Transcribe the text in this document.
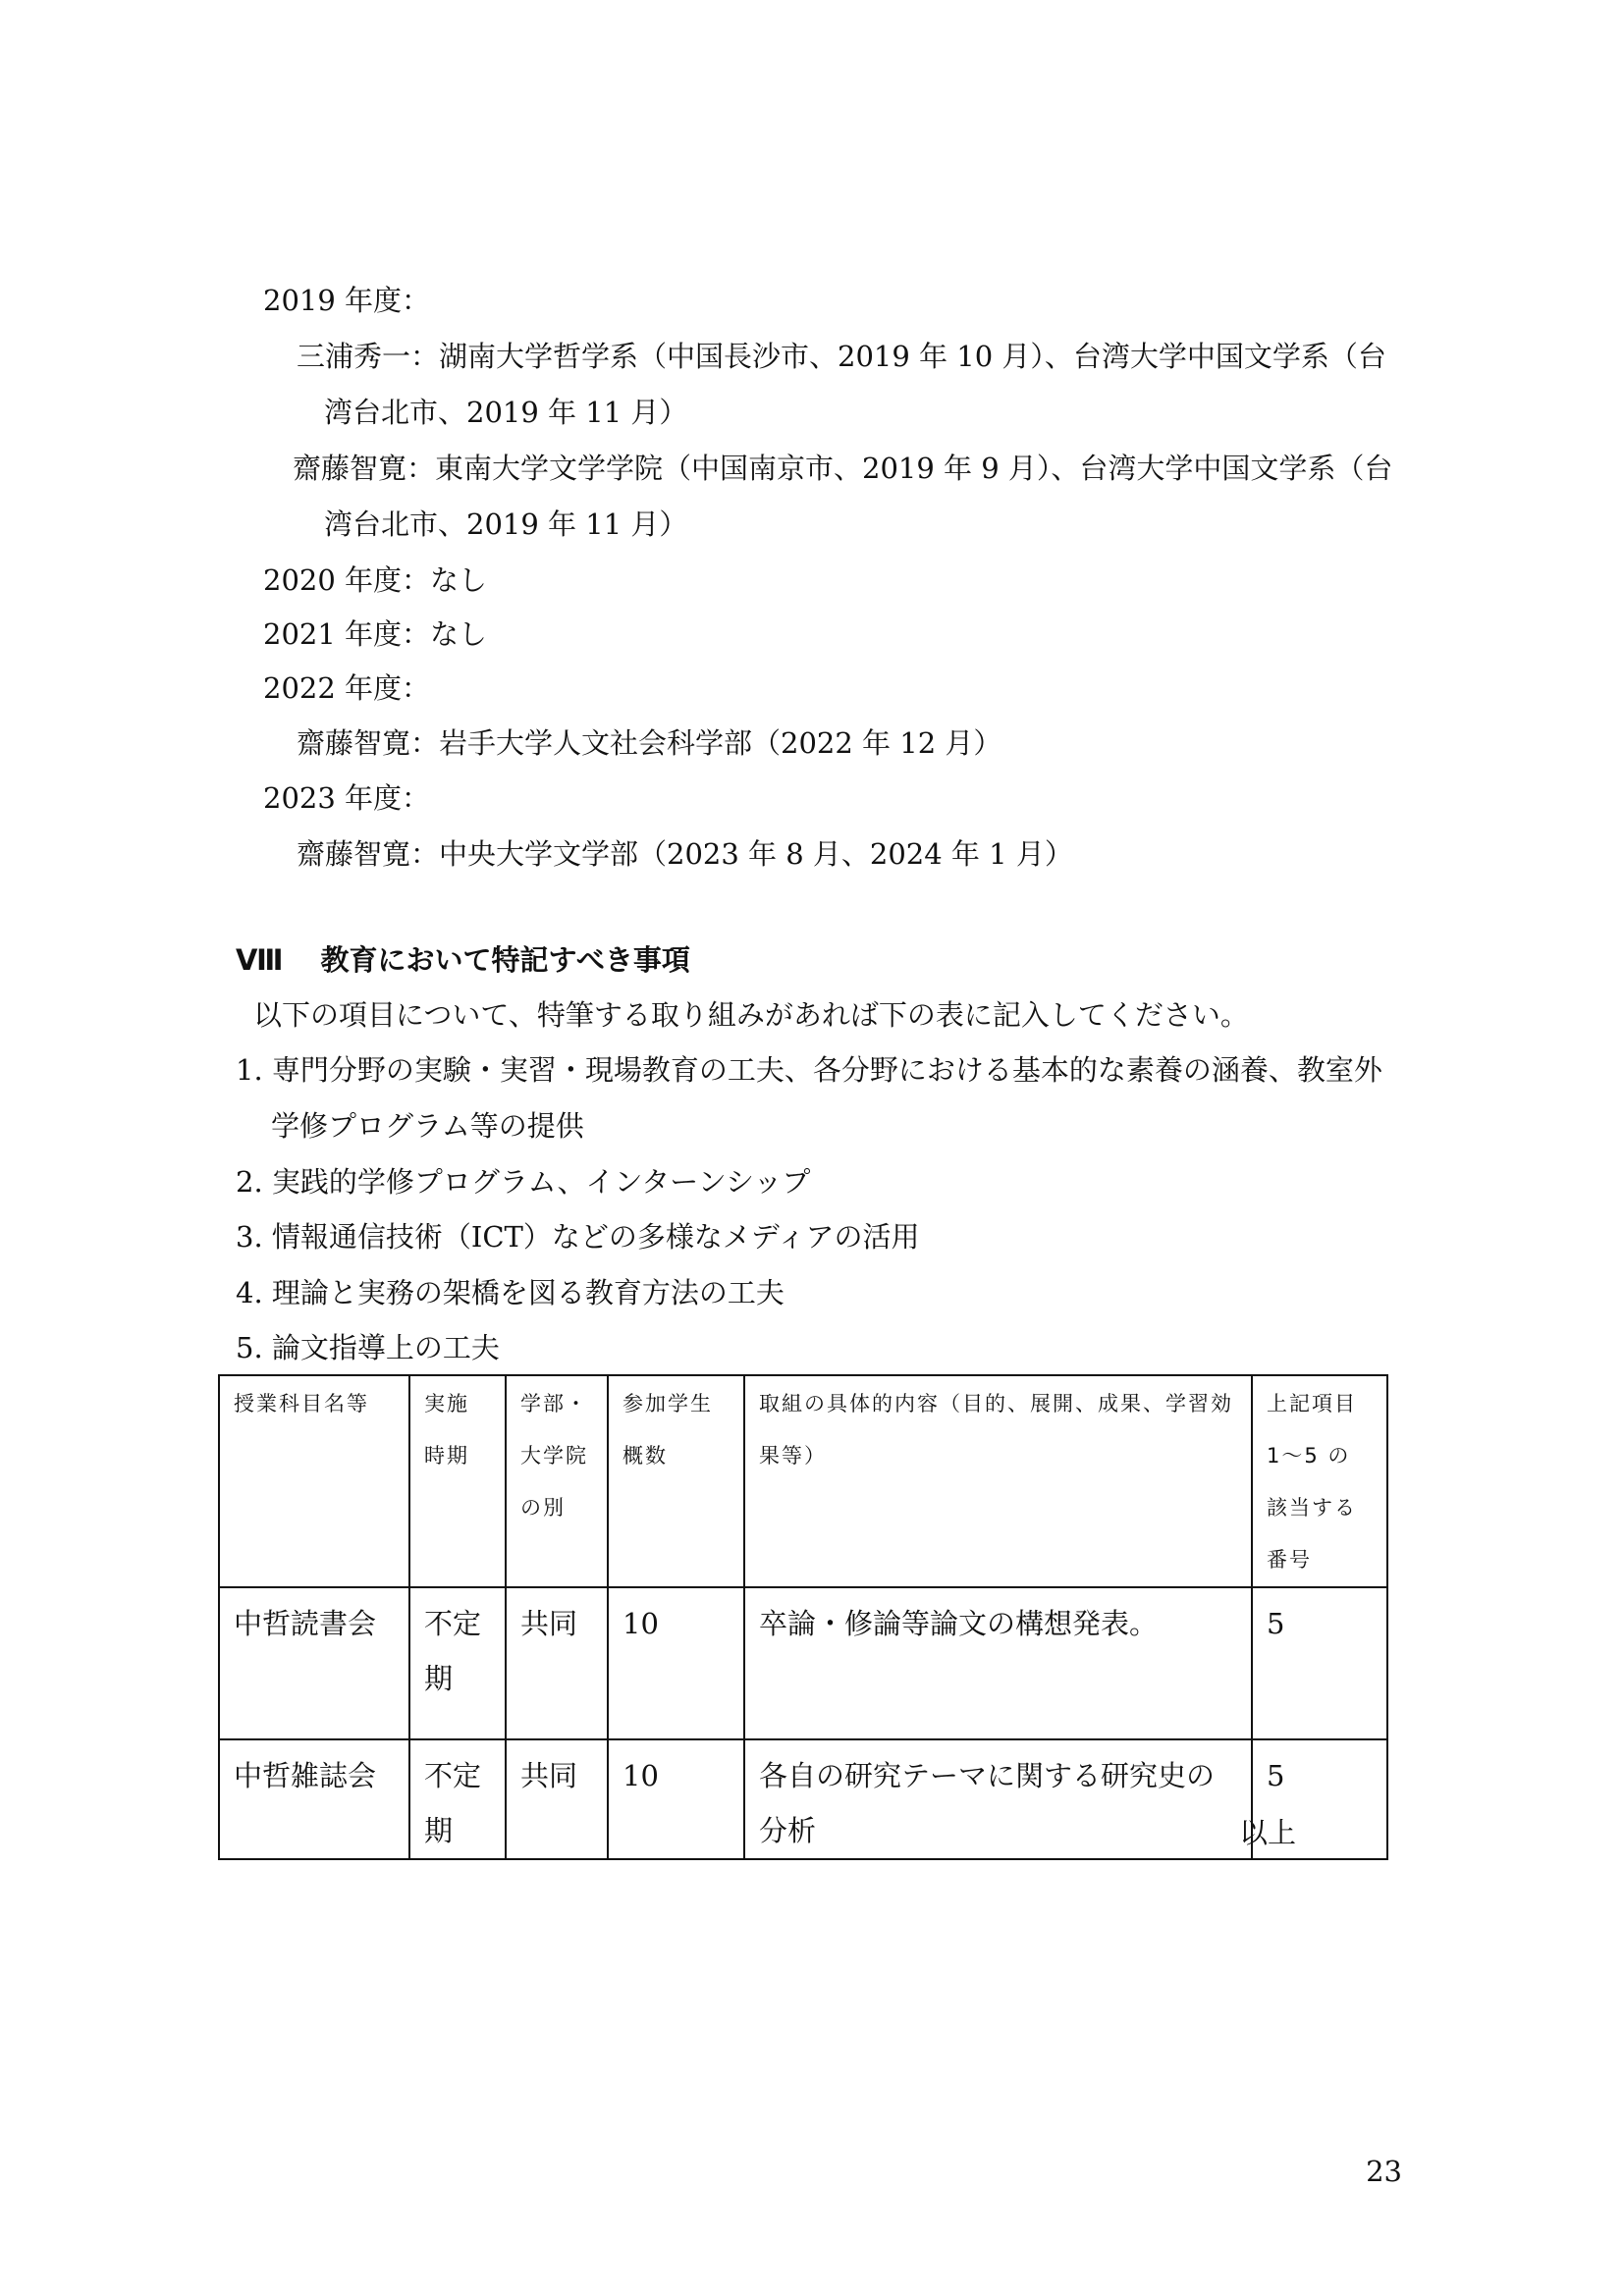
2019 年度：
三浦秀一：湖南大学哲学系（中国長沙市、2019 年 10 月）、台湾大学中国文学系（台
湾台北市、2019 年 11 月）
齋藤智寛：東南大学文学学院（中国南京市、2019 年 9 月）、台湾大学中国文学系（台
湾台北市、2019 年 11 月）
2020 年度：なし
2021 年度：なし
2022 年度：
齋藤智寛：岩手大学人文社会科学部（2022 年 12 月）
2023 年度：
齋藤智寛：中央大学文学部（2023 年 8 月、2024 年 1 月）
Ⅷ 教育において特記すべき事項
以下の項目について、特筆する取り組みがあれば下の表に記入してください。
1. 専門分野の実験・実習・現場教育の工夫、各分野における基本的な素養の涵養、教室外
学修プログラム等の提供
2. 実践的学修プログラム、インターンシップ
3. 情報通信技術（ICT）などの多様なメディアの活用
4. 理論と実務の架橋を図る教育方法の工夫
5. 論文指導上の工夫
授業科目名等	実施時期	学部・大学院の別	参加学生概数	取組の具体的内容（目的、展開、成果、学習効果等）	上記項目 1～5 の該当する番号
中哲読書会	不定期	共同	10	卒論・修論等論文の構想発表。	5
中哲雑誌会	不定期	共同	10	各自の研究テーマに関する研究史の分析	5
以上
23
